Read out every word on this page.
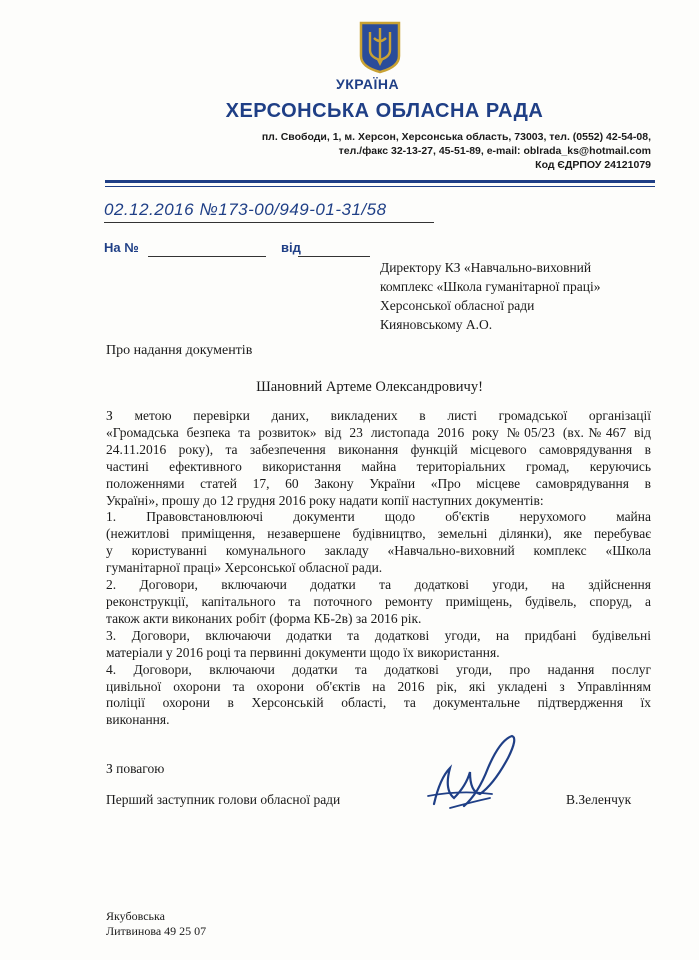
УКРАЇНА
ХЕРСОНСЬКА ОБЛАСНА РАДА
пл. Свободи, 1, м. Херсон, Херсонська область, 73003, тел. (0552) 42-54-08,
тел./факс 32-13-27, 45-51-89, e-mail: oblrada_ks@hotmail.com
Код ЄДРПОУ 24121079
02.12.2016 №173-00/949-01-31/58
На №	від
Директору КЗ «Навчально-виховний
комплекс «Школа гуманітарної праці»
Херсонської обласної ради
Кияновському А.О.
Про надання документів
Шановний Артеме Олександровичу!
З метою перевірки даних, викладених в листі громадської організації
«Громадська безпека та розвиток» від 23 листопада 2016 року №05/23 (вх.№467 від
24.11.2016 року), та забезпечення виконання функцій місцевого самоврядування в
частині ефективного використання майна територіальних громад, керуючись
положеннями статей 17, 60 Закону України «Про місцеве самоврядування в
Україні», прошу до 12 грудня 2016 року надати копії наступних документів:
1. Правовстановлюючі документи щодо об'єктів нерухомого майна
(нежитлові приміщення, незавершене будівництво, земельні ділянки), яке перебуває
у користуванні комунального закладу «Навчально-виховний комплекс «Школа
гуманітарної праці» Херсонської обласної ради.
2. Договори, включаючи додатки та додаткові угоди, на здійснення
реконструкції, капітального та поточного ремонту приміщень, будівель, споруд, а
також акти виконаних робіт (форма КБ-2в) за 2016 рік.
3. Договори, включаючи додатки та додаткові угоди, на придбані будівельні
матеріали у 2016 році та первинні документи щодо їх використання.
4. Договори, включаючи додатки та додаткові угоди, про надання послуг
цивільної охорони та охорони об'єктів на 2016 рік, які укладені з Управлінням
поліції охорони в Херсонській області, та документальне підтвердження їх
виконання.
З повагою
Перший заступник голови обласної ради	В.Зеленчук
Якубовська
Литвинова 49 25 07
